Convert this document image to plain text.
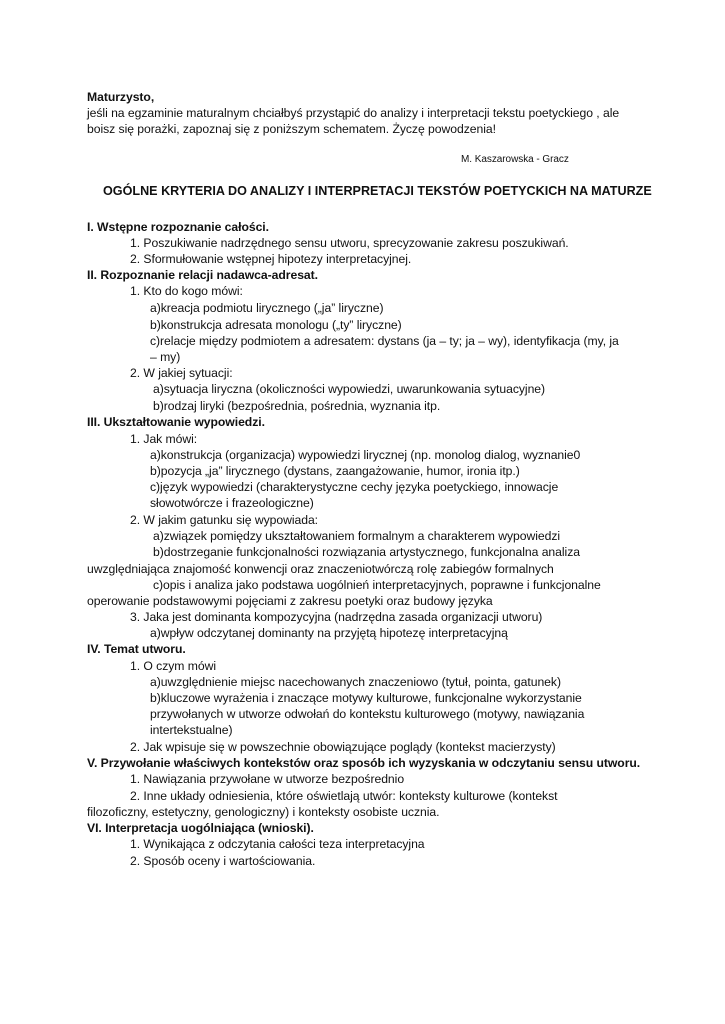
Maturzysto,
jeśli na egzaminie maturalnym chciałbyś przystąpić do analizy i interpretacji tekstu poetyckiego , ale
boisz się porażki, zapoznaj się z poniższym schematem. Życzę powodzenia!
M. Kaszarowska - Gracz
OGÓLNE KRYTERIA DO ANALIZY I INTERPRETACJI TEKSTÓW POETYCKICH NA MATURZE
I. Wstępne rozpoznanie całości.
1. Poszukiwanie nadrzędnego sensu utworu, sprecyzowanie zakresu poszukiwań.
2. Sformułowanie wstępnej hipotezy interpretacyjnej.
II. Rozpoznanie relacji nadawca-adresat.
1. Kto do kogo mówi:
a)kreacja podmiotu lirycznego („ja” liryczne)
b)konstrukcja adresata monologu („ty” liryczne)
c)relacje między podmiotem a adresatem: dystans (ja – ty; ja – wy), identyfikacja (my, ja
– my)
2. W jakiej sytuacji:
a)sytuacja liryczna (okoliczności wypowiedzi, uwarunkowania sytuacyjne)
b)rodzaj liryki (bezpośrednia, pośrednia, wyznania itp.
III. Ukształtowanie wypowiedzi.
1. Jak mówi:
a)konstrukcja (organizacja) wypowiedzi lirycznej (np. monolog dialog, wyznanie0
b)pozycja „ja” lirycznego (dystans, zaangażowanie, humor, ironia itp.)
c)język wypowiedzi (charakterystyczne cechy języka poetyckiego, innowacje
słowotwórcze i frazeologiczne)
2. W jakim gatunku się wypowiada:
a)związek pomiędzy ukształtowaniem formalnym a charakterem wypowiedzi
b)dostrzeganie funkcjonalności rozwiązania artystycznego, funkcjonalna analiza
uwzględniająca znajomość konwencji oraz znaczeniotwórczą rolę zabiegów formalnych
c)opis i analiza jako podstawa uogólnień interpretacyjnych, poprawne i funkcjonalne
operowanie podstawowymi pojęciami z zakresu poetyki oraz budowy języka
3. Jaka jest dominanta kompozycyjna (nadrzędna zasada organizacji utworu)
a)wpływ odczytanej dominanty na przyjętą hipotezę interpretacyjną
IV. Temat utworu.
1. O czym mówi
a)uwzględnienie miejsc nacechowanych znaczeniowo (tytuł, pointa, gatunek)
b)kluczowe wyrażenia i znaczące motywy kulturowe, funkcjonalne wykorzystanie
przywołanych w utworze odwołań do kontekstu kulturowego (motywy, nawiązania
intertekstualne)
2. Jak wpisuje się w powszechnie obowiązujące poglądy (kontekst macierzysty)
V. Przywołanie właściwych kontekstów oraz sposób ich wyzyskania w odczytaniu sensu utworu.
1. Nawiązania przywołane w utworze bezpośrednio
2. Inne układy odniesienia, które oświetlają utwór: konteksty kulturowe (kontekst
filozoficzny, estetyczny, genologiczny) i konteksty osobiste ucznia.
VI. Interpretacja uogólniająca (wnioski).
1. Wynikająca z odczytania całości teza interpretacyjna
2. Sposób oceny i wartościowania.
